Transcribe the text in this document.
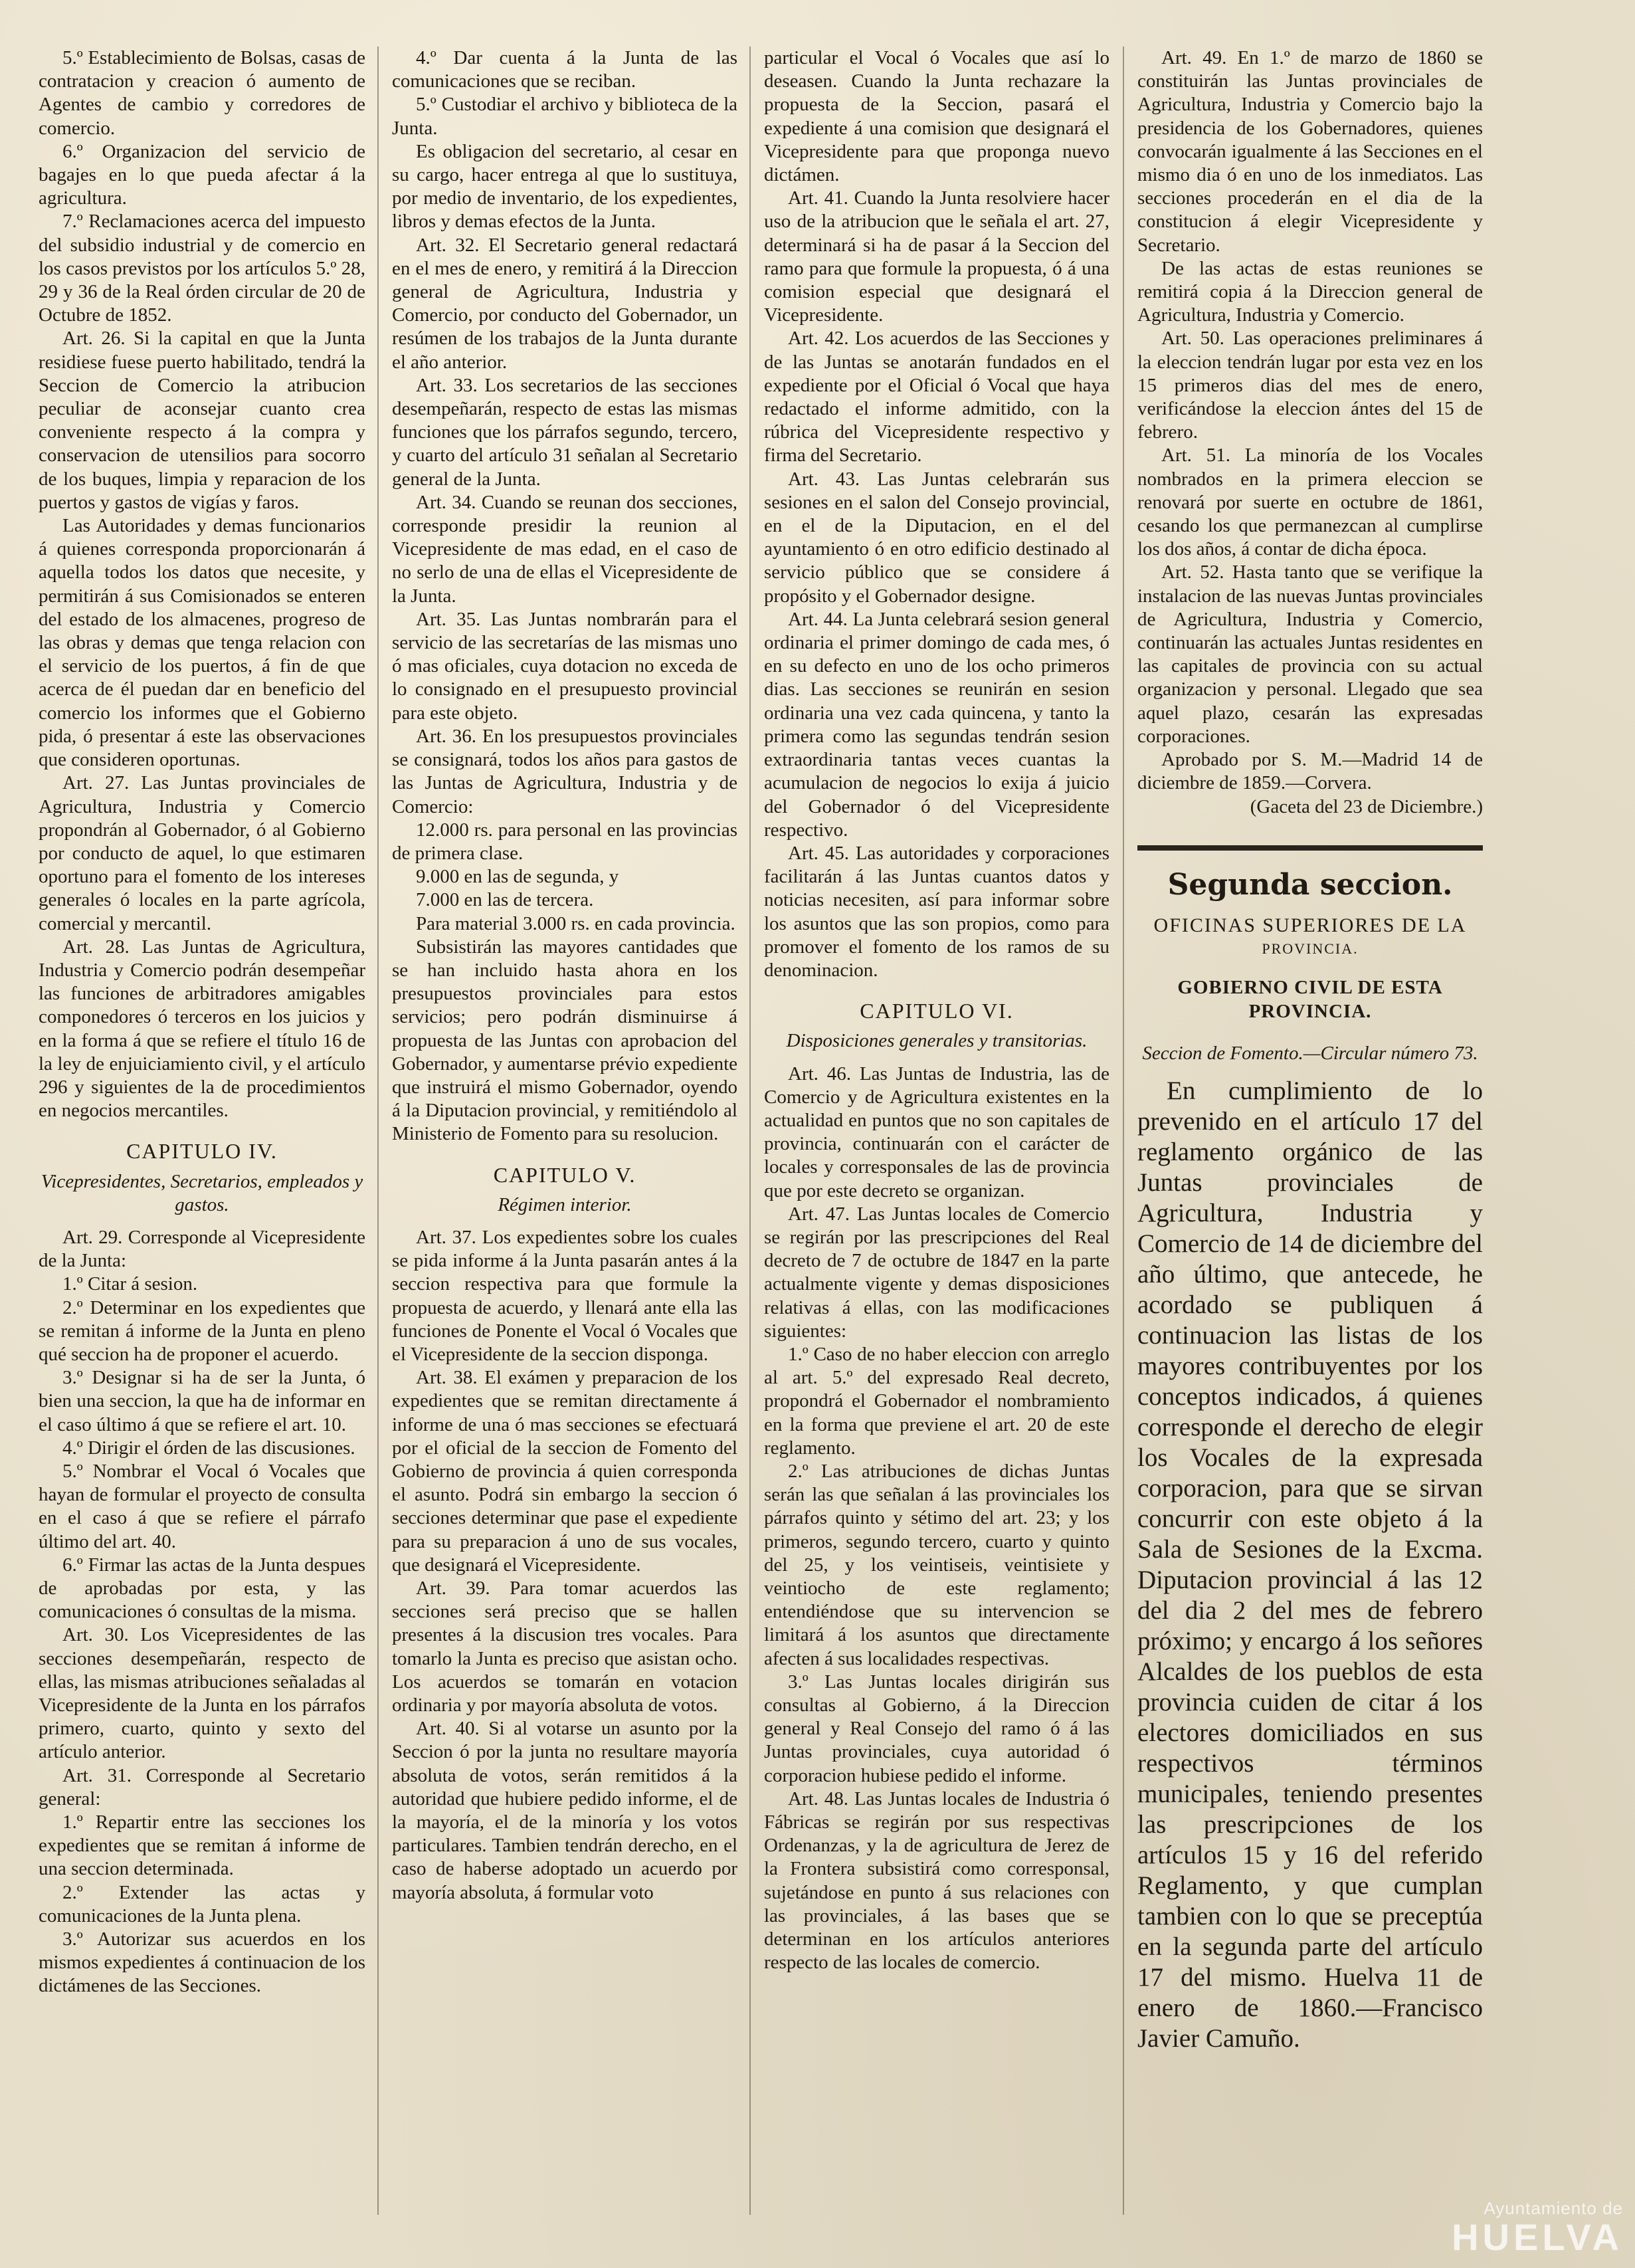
5.º Establecimiento de Bolsas, casas de contratacion y creacion ó aumento de Agentes de cambio y corredores de comercio.

6.º Organizacion del servicio de bagajes en lo que pueda afectar á la agricultura.

7.º Reclamaciones acerca del impuesto del subsidio industrial y de comercio en los casos previstos por los artículos 5.º 28, 29 y 36 de la Real órden circular de 20 de Octubre de 1852.

Art. 26. Si la capital en que la Junta residiese fuese puerto habilitado, tendrá la Seccion de Comercio la atribucion peculiar de aconsejar cuanto crea conveniente respecto á la compra y conservacion de utensilios para socorro de los buques, limpia y reparacion de los puertos y gastos de vigías y faros.

Las Autoridades y demas funcionarios á quienes corresponda proporcionarán á aquella todos los datos que necesite, y permitirán á sus Comisionados se enteren del estado de los almacenes, progreso de las obras y demas que tenga relacion con el servicio de los puertos, á fin de que acerca de él puedan dar en beneficio del comercio los informes que el Gobierno pida, ó presentar á este las observaciones que consideren oportunas.

Art. 27. Las Juntas provinciales de Agricultura, Industria y Comercio propondrán al Gobernador, ó al Gobierno por conducto de aquel, lo que estimaren oportuno para el fomento de los intereses generales ó locales en la parte agrícola, comercial y mercantil.

Art. 28. Las Juntas de Agricultura, Industria y Comercio podrán desempeñar las funciones de arbitradores amigables componedores ó terceros en los juicios y en la forma á que se refiere el título 16 de la ley de enjuiciamiento civil, y el artículo 296 y siguientes de la de procedimientos en negocios mercantiles.

CAPITULO IV.

Vicepresidentes, Secretarios, empleados y gastos.

Art. 29. Corresponde al Vicepresidente de la Junta:

1.º Citar á sesion.

2.º Determinar en los expedientes que se remitan á informe de la Junta en pleno qué seccion ha de proponer el acuerdo.

3.º Designar si ha de ser la Junta, ó bien una seccion, la que ha de informar en el caso último á que se refiere el art. 10.

4.º Dirigir el órden de las discusiones.

5.º Nombrar el Vocal ó Vocales que hayan de formular el proyecto de consulta en el caso á que se refiere el párrafo último del art. 40.

6.º Firmar las actas de la Junta despues de aprobadas por esta, y las comunicaciones ó consultas de la misma.

Art. 30. Los Vicepresidentes de las secciones desempeñarán, respecto de ellas, las mismas atribuciones señaladas al Vicepresidente de la Junta en los párrafos primero, cuarto, quinto y sexto del artículo anterior.

Art. 31. Corresponde al Secretario general:

1.º Repartir entre las secciones los expedientes que se remitan á informe de una seccion determinada.

2.º Extender las actas y comunicaciones de la Junta plena.

3.º Autorizar sus acuerdos en los mismos expedientes á continuacion de los dictámenes de las Secciones.

4.º Dar cuenta á la Junta de las comunicaciones que se reciban.

5.º Custodiar el archivo y biblioteca de la Junta.

Es obligacion del secretario, al cesar en su cargo, hacer entrega al que lo sustituya, por medio de inventario, de los expedientes, libros y demas efectos de la Junta.

Art. 32. El Secretario general redactará en el mes de enero, y remitirá á la Direccion general de Agricultura, Industria y Comercio, por conducto del Gobernador, un resúmen de los trabajos de la Junta durante el año anterior.

Art. 33. Los secretarios de las secciones desempeñarán, respecto de estas las mismas funciones que los párrafos segundo, tercero, y cuarto del artículo 31 señalan al Secretario general de la Junta.

Art. 34. Cuando se reunan dos secciones, corresponde presidir la reunion al Vicepresidente de mas edad, en el caso de no serlo de una de ellas el Vicepresidente de la Junta.

Art. 35. Las Juntas nombrarán para el servicio de las secretarías de las mismas uno ó mas oficiales, cuya dotacion no exceda de lo consignado en el presupuesto provincial para este objeto.

Art. 36. En los presupuestos provinciales se consignará, todos los años para gastos de las Juntas de Agricultura, Industria y de Comercio:

12.000 rs. para personal en las provincias de primera clase.

9.000 en las de segunda, y

7.000 en las de tercera.

Para material 3.000 rs. en cada provincia.

Subsistirán las mayores cantidades que se han incluido hasta ahora en los presupuestos provinciales para estos servicios; pero podrán disminuirse á propuesta de las Juntas con aprobacion del Gobernador, y aumentarse prévio expediente que instruirá el mismo Gobernador, oyendo á la Diputacion provincial, y remitiéndolo al Ministerio de Fomento para su resolucion.

CAPITULO V.

Régimen interior.

Art. 37. Los expedientes sobre los cuales se pida informe á la Junta pasarán antes á la seccion respectiva para que formule la propuesta de acuerdo, y llenará ante ella las funciones de Ponente el Vocal ó Vocales que el Vicepresidente de la seccion disponga.

Art. 38. El exámen y preparacion de los expedientes que se remitan directamente á informe de una ó mas secciones se efectuará por el oficial de la seccion de Fomento del Gobierno de provincia á quien corresponda el asunto. Podrá sin embargo la seccion ó secciones determinar que pase el expediente para su preparacion á uno de sus vocales, que designará el Vicepresidente.

Art. 39. Para tomar acuerdos las secciones será preciso que se hallen presentes á la discusion tres vocales. Para tomarlo la Junta es preciso que asistan ocho. Los acuerdos se tomarán en votacion ordinaria y por mayoría absoluta de votos.

Art. 40. Si al votarse un asunto por la Seccion ó por la junta no resultare mayoría absoluta de votos, serán remitidos á la autoridad que hubiere pedido informe, el de la mayoría, el de la minoría y los votos particulares. Tambien tendrán derecho, en el caso de haberse adoptado un acuerdo por mayoría absoluta, á formular voto

particular el Vocal ó Vocales que así lo deseasen. Cuando la Junta rechazare la propuesta de la Seccion, pasará el expediente á una comision que designará el Vicepresidente para que proponga nuevo dictámen.

Art. 41. Cuando la Junta resolviere hacer uso de la atribucion que le señala el art. 27, determinará si ha de pasar á la Seccion del ramo para que formule la propuesta, ó á una comision especial que designará el Vicepresidente.

Art. 42. Los acuerdos de las Secciones y de las Juntas se anotarán fundados en el expediente por el Oficial ó Vocal que haya redactado el informe admitido, con la rúbrica del Vicepresidente respectivo y firma del Secretario.

Art. 43. Las Juntas celebrarán sus sesiones en el salon del Consejo provincial, en el de la Diputacion, en el del ayuntamiento ó en otro edificio destinado al servicio público que se considere á propósito y el Gobernador designe.

Art. 44. La Junta celebrará sesion general ordinaria el primer domingo de cada mes, ó en su defecto en uno de los ocho primeros dias. Las secciones se reunirán en sesion ordinaria una vez cada quincena, y tanto la primera como las segundas tendrán sesion extraordinaria tantas veces cuantas la acumulacion de negocios lo exija á juicio del Gobernador ó del Vicepresidente respectivo.

Art. 45. Las autoridades y corporaciones facilitarán á las Juntas cuantos datos y noticias necesiten, así para informar sobre los asuntos que las son propios, como para promover el fomento de los ramos de su denominacion.

CAPITULO VI.

Disposiciones generales y transitorias.

Art. 46. Las Juntas de Industria, las de Comercio y de Agricultura existentes en la actualidad en puntos que no son capitales de provincia, continuarán con el carácter de locales y corresponsales de las de provincia que por este decreto se organizan.

Art. 47. Las Juntas locales de Comercio se regirán por las prescripciones del Real decreto de 7 de octubre de 1847 en la parte actualmente vigente y demas disposiciones relativas á ellas, con las modificaciones siguientes:

1.º Caso de no haber eleccion con arreglo al art. 5.º del expresado Real decreto, propondrá el Gobernador el nombramiento en la forma que previene el art. 20 de este reglamento.

2.º Las atribuciones de dichas Juntas serán las que señalan á las provinciales los párrafos quinto y sétimo del art. 23; y los primeros, segundo tercero, cuarto y quinto del 25, y los veintiseis, veintisiete y veintiocho de este reglamento; entendiéndose que su intervencion se limitará á los asuntos que directamente afecten á sus localidades respectivas.

3.º Las Juntas locales dirigirán sus consultas al Gobierno, á la Direccion general y Real Consejo del ramo ó á las Juntas provinciales, cuya autoridad ó corporacion hubiese pedido el informe.

Art. 48. Las Juntas locales de Industria ó Fábricas se regirán por sus respectivas Ordenanzas, y la de agricultura de Jerez de la Frontera subsistirá como corresponsal, sujetándose en punto á sus relaciones con las provinciales, á las bases que se determinan en los artículos anteriores respecto de las locales de comercio.

Art. 49. En 1.º de marzo de 1860 se constituirán las Juntas provinciales de Agricultura, Industria y Comercio bajo la presidencia de los Gobernadores, quienes convocarán igualmente á las Secciones en el mismo dia ó en uno de los inmediatos. Las secciones procederán en el dia de la constitucion á elegir Vicepresidente y Secretario.

De las actas de estas reuniones se remitirá copia á la Direccion general de Agricultura, Industria y Comercio.

Art. 50. Las operaciones preliminares á la eleccion tendrán lugar por esta vez en los 15 primeros dias del mes de enero, verificándose la eleccion ántes del 15 de febrero.

Art. 51. La minoría de los Vocales nombrados en la primera eleccion se renovará por suerte en octubre de 1861, cesando los que permanezcan al cumplirse los dos años, á contar de dicha época.

Art. 52. Hasta tanto que se verifique la instalacion de las nuevas Juntas provinciales de Agricultura, Industria y Comercio, continuarán las actuales Juntas residentes en las capitales de provincia con su actual organizacion y personal. Llegado que sea aquel plazo, cesarán las expresadas corporaciones.

Aprobado por S. M.—Madrid 14 de diciembre de 1859.—Corvera.

(Gaceta del 23 de Diciembre.)

Segunda seccion.

OFICINAS SUPERIORES DE LA

PROVINCIA.

GOBIERNO CIVIL DE ESTA PROVINCIA.

Seccion de Fomento.—Circular número 73.

En cumplimiento de lo prevenido en el artículo 17 del reglamento orgánico de las Juntas provinciales de Agricultura, Industria y Comercio de 14 de diciembre del año último, que antecede, he acordado se publiquen á continuacion las listas de los mayores contribuyentes por los conceptos indicados, á quienes corresponde el derecho de elegir los Vocales de la expresada corporacion, para que se sirvan concurrir con este objeto á la Sala de Sesiones de la Excma. Diputacion provincial á las 12 del dia 2 del mes de febrero próximo; y encargo á los señores Alcaldes de los pueblos de esta provincia cuiden de citar á los electores domiciliados en sus respectivos términos municipales, teniendo presentes las prescripciones de los artículos 15 y 16 del referido Reglamento, y que cumplan tambien con lo que se preceptúa en la segunda parte del artículo 17 del mismo. Huelva 11 de enero de 1860.—Francisco Javier Camuño.

Ayuntamiento de
HUELVA
